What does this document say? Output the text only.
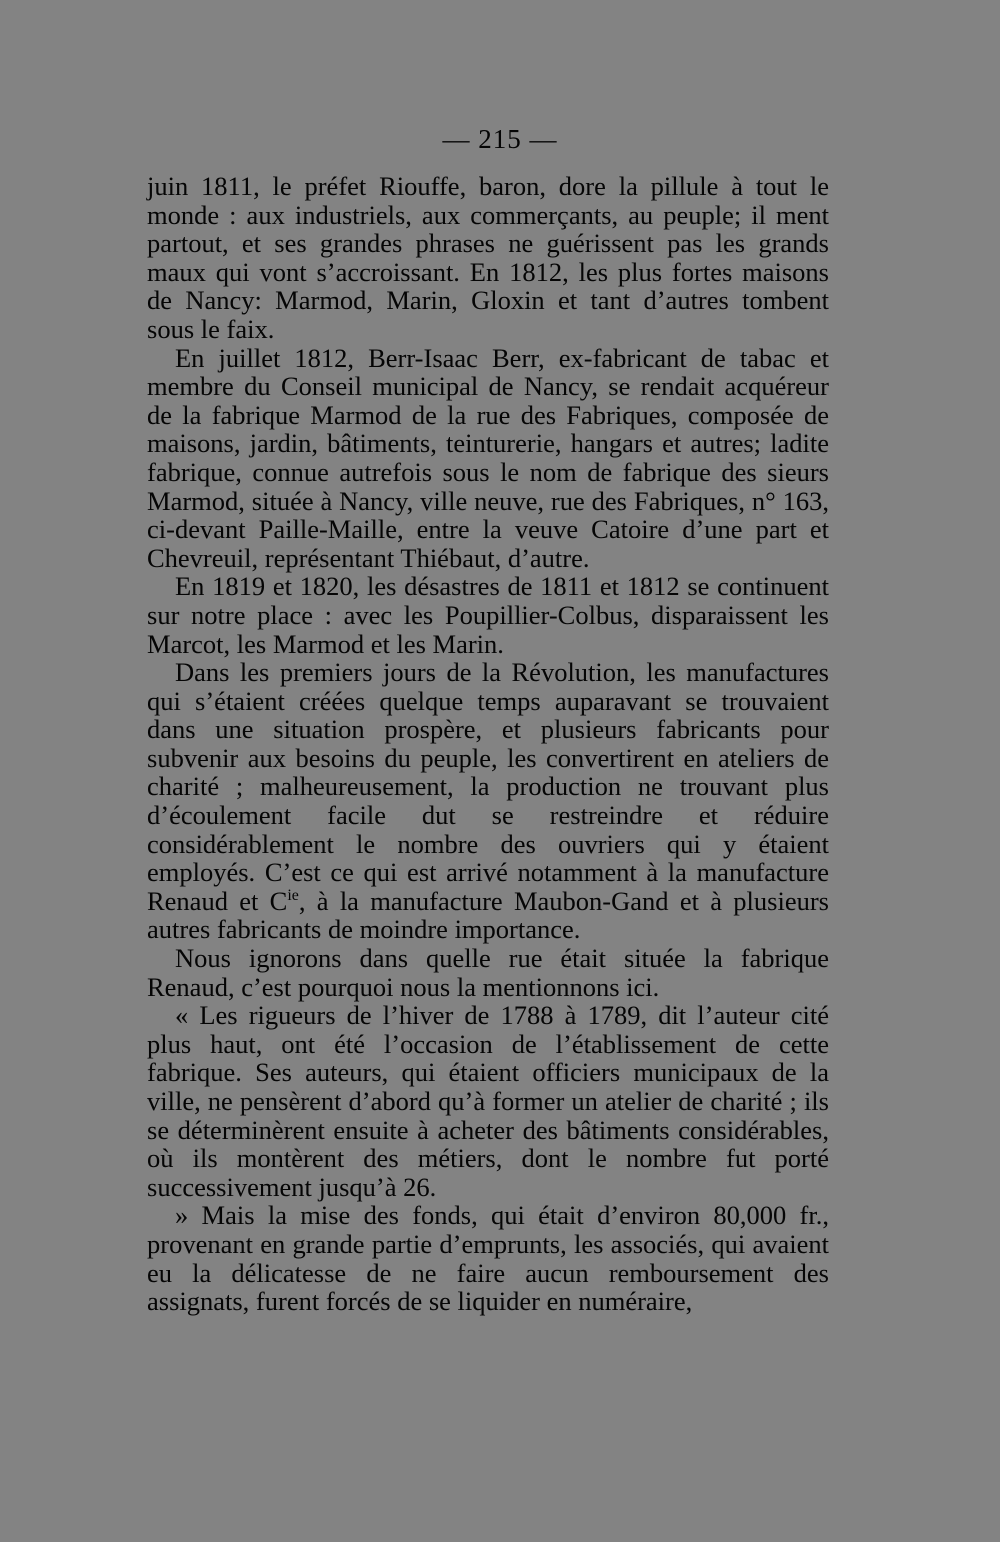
— 215 —

juin 1811, le préfet Riouffe, baron, dore la pillule à tout le monde : aux industriels, aux commerçants, au peuple; il ment partout, et ses grandes phrases ne guérissent pas les grands maux qui vont s’accroissant. En 1812, les plus fortes maisons de Nancy: Marmod, Marin, Gloxin et tant d’autres tombent sous le faix.

En juillet 1812, Berr-Isaac Berr, ex-fabricant de tabac et membre du Conseil municipal de Nancy, se rendait acquéreur de la fabrique Marmod de la rue des Fabriques, composée de maisons, jardin, bâtiments, teinturerie, hangars et autres; ladite fabrique, connue autrefois sous le nom de fabrique des sieurs Marmod, située à Nancy, ville neuve, rue des Fabriques, n° 163, ci-devant Paille-Maille, entre la veuve Catoire d’une part et Chevreuil, représentant Thiébaut, d’autre.

En 1819 et 1820, les désastres de 1811 et 1812 se continuent sur notre place : avec les Poupillier-Colbus, disparaissent les Marcot, les Marmod et les Marin.

Dans les premiers jours de la Révolution, les manufactures qui s’étaient créées quelque temps auparavant se trouvaient dans une situation prospère, et plusieurs fabricants pour subvenir aux besoins du peuple, les convertirent en ateliers de charité ; malheureusement, la production ne trouvant plus d’écoulement facile dut se restreindre et réduire considérablement le nombre des ouvriers qui y étaient employés. C’est ce qui est arrivé notamment à la manufacture Renaud et $C^{ie}$, à la manufacture Maubon-Gand et à plusieurs autres fabricants de moindre importance.

Nous ignorons dans quelle rue était située la fabrique Renaud, c’est pourquoi nous la mentionnons ici.

« Les rigueurs de l’hiver de 1788 à 1789, dit l’auteur cité plus haut, ont été l’occasion de l’établissement de cette fabrique. Ses auteurs, qui étaient officiers municipaux de la ville, ne pensèrent d’abord qu’à former un atelier de charité ; ils se déterminèrent ensuite à acheter des bâtiments considérables, où ils montèrent des métiers, dont le nombre fut porté successivement jusqu’à 26.

» Mais la mise des fonds, qui était d’environ 80,000 fr., provenant en grande partie d’emprunts, les associés, qui avaient eu la délicatesse de ne faire aucun remboursement des assignats, furent forcés de se liquider en numéraire,
